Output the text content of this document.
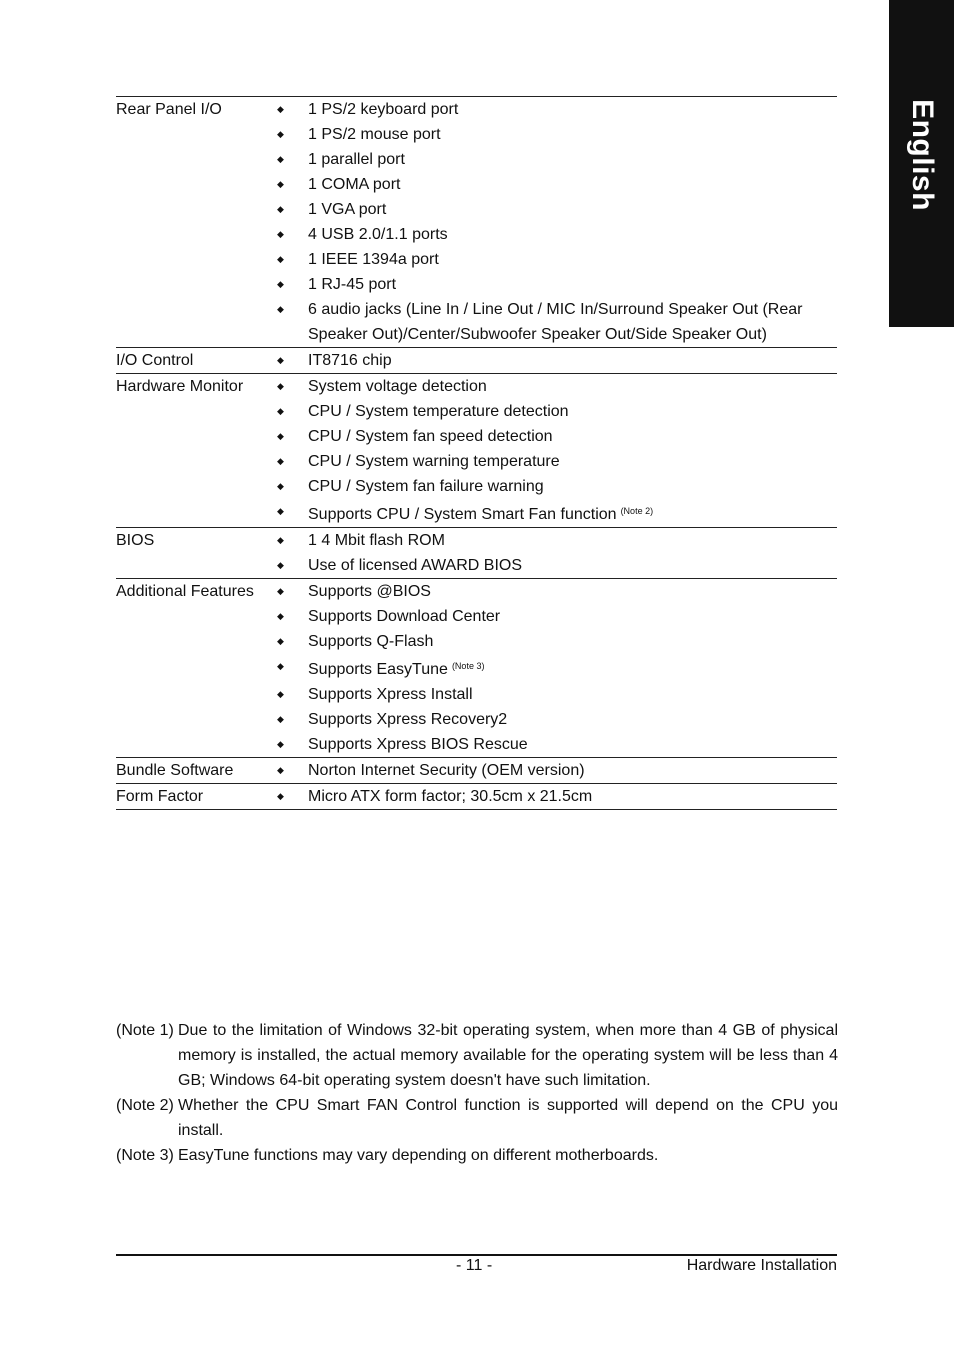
English
Rear Panel I/O	◆	1 PS/2 keyboard port
◆	1 PS/2 mouse port
◆	1 parallel port
◆	1 COMA port
◆	1 VGA port
◆	4 USB 2.0/1.1 ports
◆	1 IEEE 1394a port
◆	1 RJ-45 port
◆	6 audio jacks (Line In / Line Out / MIC In/Surround Speaker Out (Rear Speaker Out)/Center/Subwoofer Speaker Out/Side Speaker Out)
I/O Control	◆	IT8716 chip
Hardware Monitor	◆	System voltage detection
◆	CPU / System temperature detection
◆	CPU / System fan speed detection
◆	CPU / System warning temperature
◆	CPU / System fan failure warning
◆	Supports CPU / System Smart Fan function $^{(Note 2)}$
BIOS	◆	1 4 Mbit flash ROM
◆	Use of licensed AWARD BIOS
Additional Features	◆	Supports @BIOS
◆	Supports Download Center
◆	Supports Q-Flash
◆	Supports EasyTune $^{(Note 3)}$
◆	Supports Xpress Install
◆	Supports Xpress Recovery2
◆	Supports Xpress BIOS Rescue
Bundle Software	◆	Norton Internet Security (OEM version)
Form Factor	◆	Micro ATX form factor; 30.5cm x 21.5cm
(Note 1) Due to the limitation of Windows 32-bit operating system, when more than 4 GB of physical memory is installed, the actual memory available for the operating system will be less than 4 GB; Windows 64-bit operating system doesn't have such limitation.
(Note 2) Whether the CPU Smart FAN Control function is supported will depend on the CPU you install.
(Note 3) EasyTune functions may vary depending on different motherboards.
- 11 -	Hardware Installation
